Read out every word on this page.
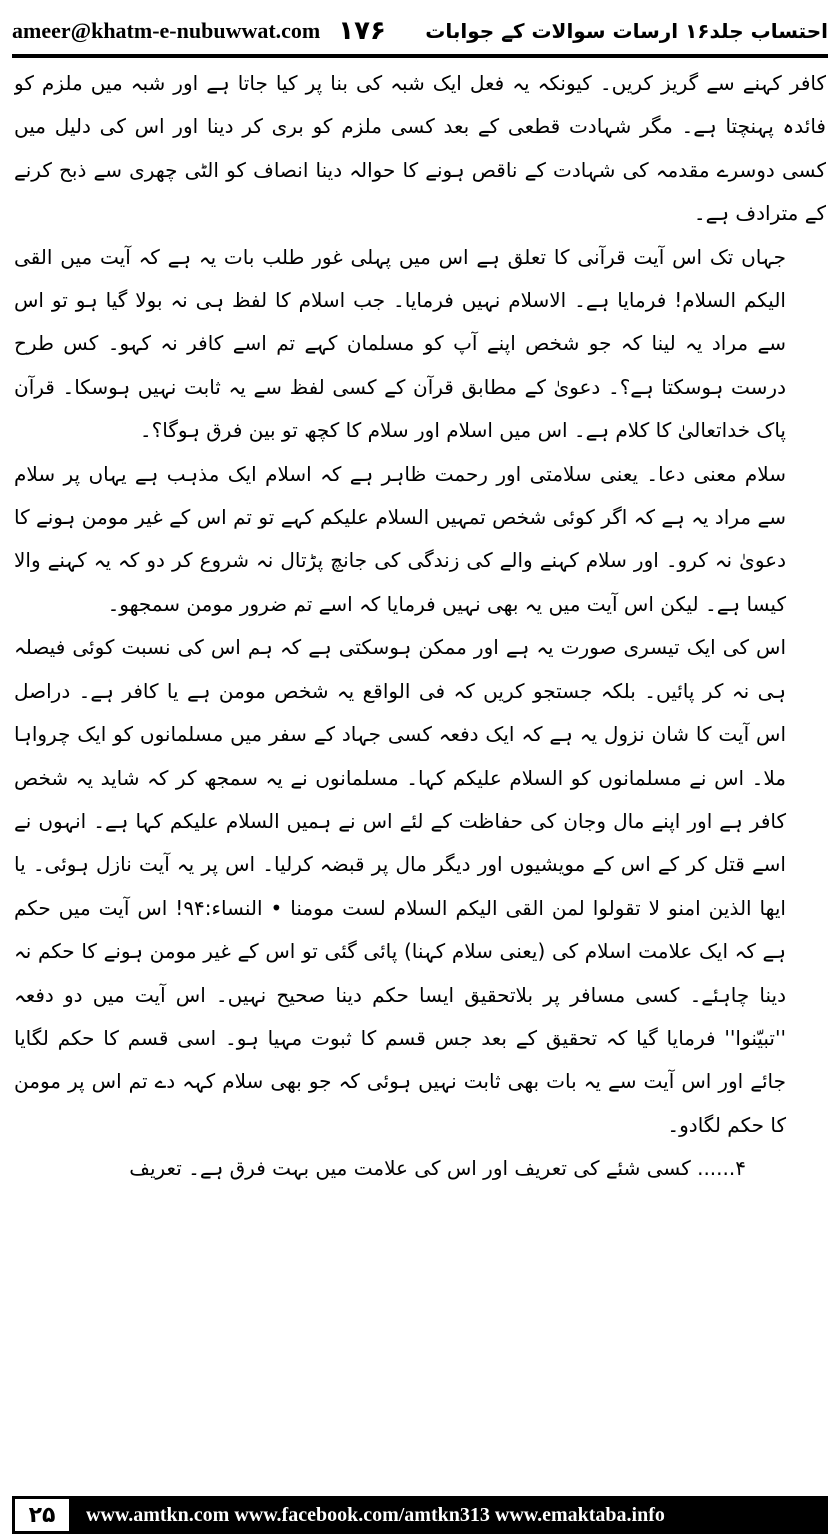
ameer@khatm-e-nubuwwat.com ۱۷۶ احتساب جلد۱۶ ارسات سوالات کے جوابات

کافر کہنے سے گریز کریں۔ کیونکہ یہ فعل ایک شبہ کی بنا پر کیا جاتا ہے اور شبہ میں ملزم کو فائدہ پہنچتا ہے۔ مگر شہادت قطعی کے بعد کسی ملزم کو بری کر دینا اور اس کی دلیل میں کسی دوسرے مقدمہ کی شہادت کے ناقص ہونے کا حوالہ دینا انصاف کو الٹی چھری سے ذبح کرنے کے مترادف ہے۔

جہاں تک اس آیت قرآنی کا تعلق ہے اس میں پہلی غور طلب بات یہ ہے کہ آیت میں القی الیکم السلام! فرمایا ہے۔ الاسلام نہیں فرمایا۔ جب اسلام کا لفظ ہی نہ بولا گیا ہو تو اس سے مراد یہ لینا کہ جو شخص اپنے آپ کو مسلمان کہے تم اسے کافر نہ کہو۔ کس طرح درست ہوسکتا ہے؟۔ دعویٰ کے مطابق قرآن کے کسی لفظ سے یہ ثابت نہیں ہوسکا۔ قرآن پاک خداتعالیٰ کا کلام ہے۔ اس میں اسلام اور سلام کا کچھ تو بین فرق ہوگا؟۔

سلام معنی دعا۔ یعنی سلامتی اور رحمت ظاہر ہے کہ اسلام ایک مذہب ہے یہاں پر سلام سے مراد یہ ہے کہ اگر کوئی شخص تمہیں السلام علیکم کہے تو تم اس کے غیر مومن ہونے کا دعویٰ نہ کرو۔ اور سلام کہنے والے کی زندگی کی جانچ پڑتال نہ شروع کر دو کہ یہ کہنے والا کیسا ہے۔ لیکن اس آیت میں یہ بھی نہیں فرمایا کہ اسے تم ضرور مومن سمجھو۔

اس کی ایک تیسری صورت یہ ہے اور ممکن ہوسکتی ہے کہ ہم اس کی نسبت کوئی فیصلہ ہی نہ کر پائیں۔ بلکہ جستجو کریں کہ فی الواقع یہ شخص مومن ہے یا کافر ہے۔ دراصل اس آیت کا شان نزول یہ ہے کہ ایک دفعہ کسی جہاد کے سفر میں مسلمانوں کو ایک چرواہا ملا۔ اس نے مسلمانوں کو السلام علیکم کہا۔ مسلمانوں نے یہ سمجھ کر کہ شاید یہ شخص کافر ہے اور اپنے مال وجان کی حفاظت کے لئے اس نے ہمیں السلام علیکم کہا ہے۔ انہوں نے اسے قتل کر کے اس کے مویشیوں اور دیگر مال پر قبضہ کرلیا۔ اس پر یہ آیت نازل ہوئی۔ یا ایھا الذین امنو لا تقولوا لمن القی الیکم السلام لست مومنا • النساء:۹۴! اس آیت میں حکم ہے کہ ایک علامت اسلام کی (یعنی سلام کہنا) پائی گئی تو اس کے غیر مومن ہونے کا حکم نہ دینا چاہئے۔ کسی مسافر پر بلاتحقیق ایسا حکم دینا صحیح نہیں۔ اس آیت میں دو دفعہ ''تبیّنوا'' فرمایا گیا کہ تحقیق کے بعد جس قسم کا ثبوت مہیا ہو۔ اسی قسم کا حکم لگایا جائے اور اس آیت سے یہ بات بھی ثابت نہیں ہوئی کہ جو بھی سلام کہہ دے تم اس پر مومن کا حکم لگادو۔

۴...... کسی شئے کی تعریف اور اس کی علامت میں بہت فرق ہے۔ تعریف

۲۵	www.amtkn.com www.facebook.com/amtkn313 www.emaktaba.info
